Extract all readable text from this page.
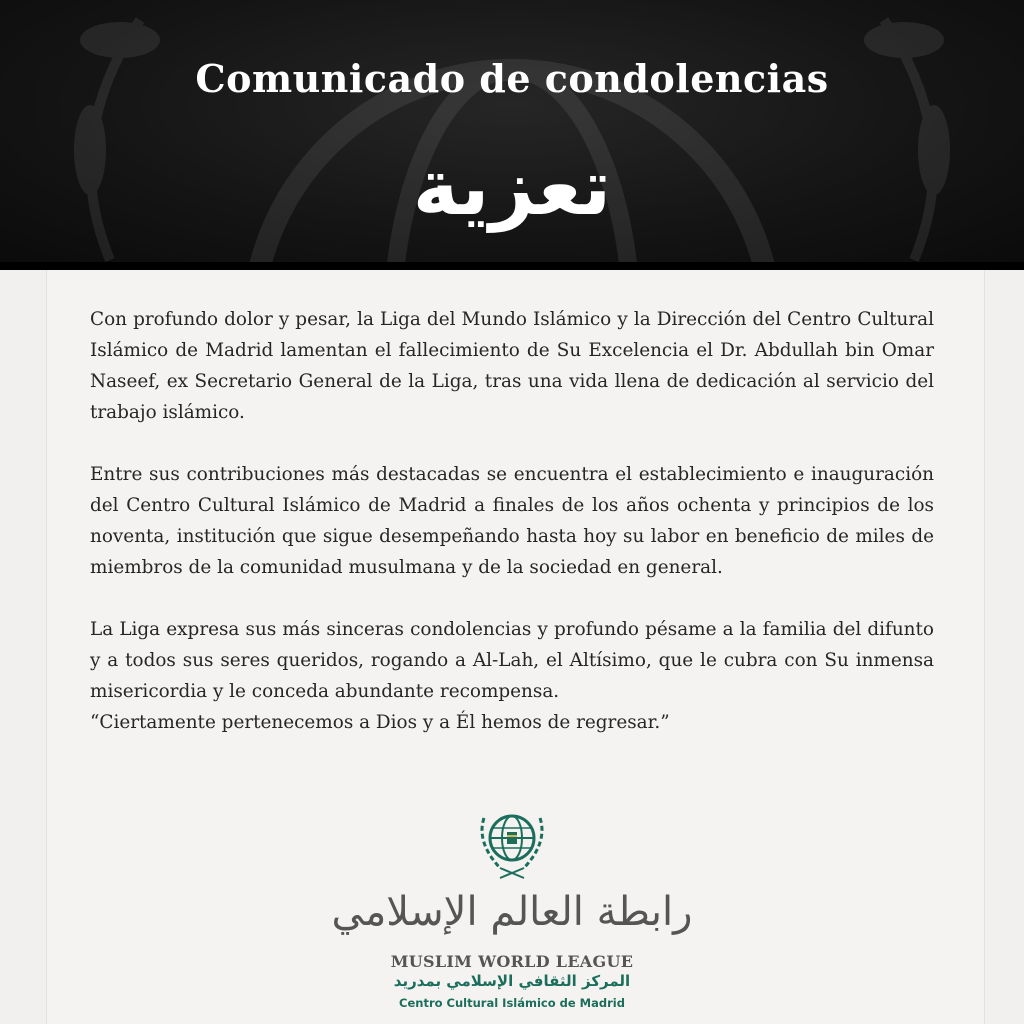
Comunicado de condolencias
تعزية

Con profundo dolor y pesar, la Liga del Mundo Islámico y la Dirección del Centro Cultural Islámico de Madrid lamentan el fallecimiento de Su Excelencia el Dr. Abdullah bin Omar Naseef, ex Secretario General de la Liga, tras una vida llena de dedicación al servicio del trabajo islámico.

Entre sus contribuciones más destacadas se encuentra el establecimiento e inauguración del Centro Cultural Islámico de Madrid a finales de los años ochenta y principios de los noventa, institución que sigue desempeñando hasta hoy su labor en beneficio de miles de miembros de la comunidad musulmana y de la sociedad en general.

La Liga expresa sus más sinceras condolencias y profundo pésame a la familia del difunto y a todos sus seres queridos, rogando a Al-Lah, el Altísimo, que le cubra con Su inmensa misericordia y le conceda abundante recompensa.

“Ciertamente pertenecemos a Dios y a Él hemos de regresar.”
رابطة العالم الإسلامي
MUSLIM WORLD LEAGUE
المركز الثقافي الإسلامي بمدريد
Centro Cultural Islámico de Madrid
